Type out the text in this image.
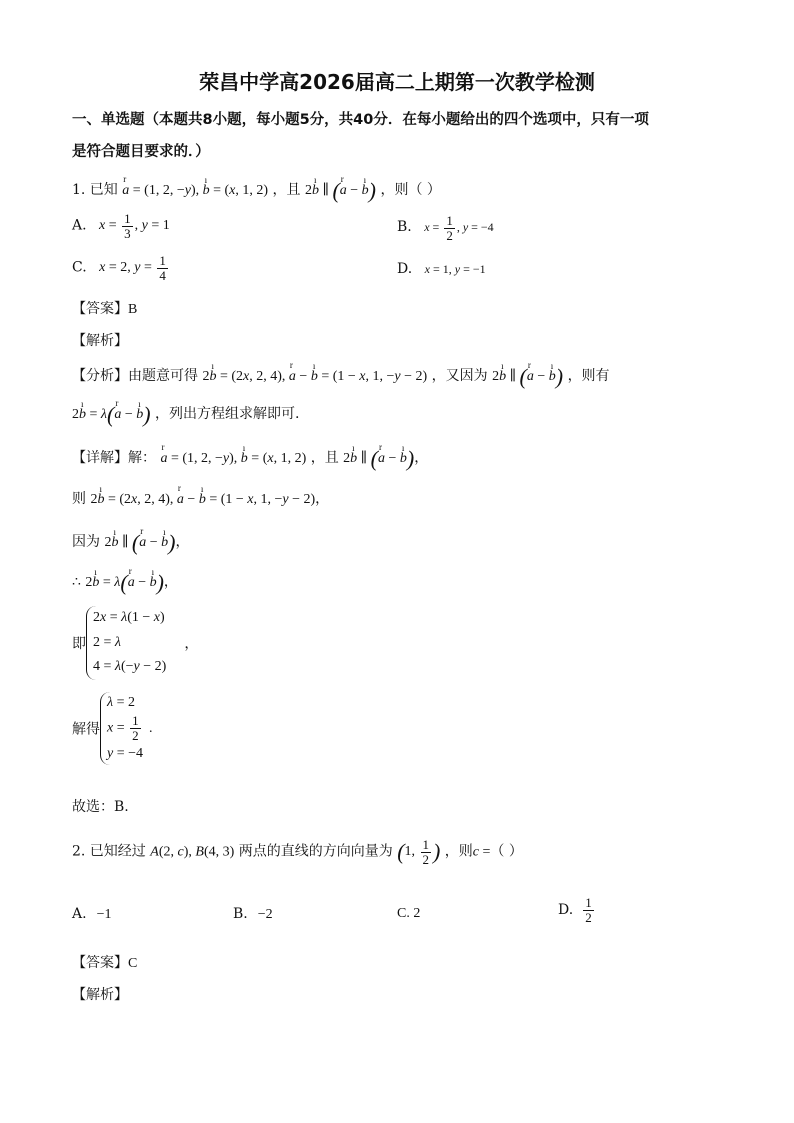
荣昌中学高2026届高二上期第一次教学检测
一、单选题（本题共8小题，每小题5分，共40分．在每小题给出的四个选项中，只有一项
是符合题目要求的．）
1. 已知 r a = (1, 2, −y), ı b = (x, 1, 2) ，且 2ı b ∥ (r a − ı b) ，则（ ）
A. $x = \frac{1}{3}$ , y = 1	B. $x = \frac{1}{2}$ , y = −4
C. x = 2, $y = \frac{1}{4}$	D. x = 1, y = −1
【答案】B
【解析】
【分析】由题意可得 2ı b = (2x, 2, 4), r a − ı b = (1 − x, 1, −y − 2) ，又因为 2ı b ∥ (r a − ı b) ，则有
2ı b = λ(r a − ı b) ，列出方程组求解即可.
【详解】解： r a = (1, 2, −y), ı b = (x, 1, 2) ，且 2ı b ∥ (r a − ı b)，
则 2ı b = (2x, 2, 4), r a − ı b = (1 − x, 1, −y − 2)，
因为 2ı b ∥ (r a − ı b)，
∴ 2ı b = λ(r a − ı b)，
即2x = λ(1 − x)
2 = λ
4 = λ(−y − 2)，
解得λ = 2
$x = \frac{1}{2}$

y = −4.
故选：B.
2. 已知经过 A(2, c), B(4, 3) 两点的直线的方向向量为 (1, $\frac{1}{2}$ ) ，则c =（ ）
A. −1	B. −2	C. 2	D. $\frac{1}{2}$
【答案】C
【解析】
